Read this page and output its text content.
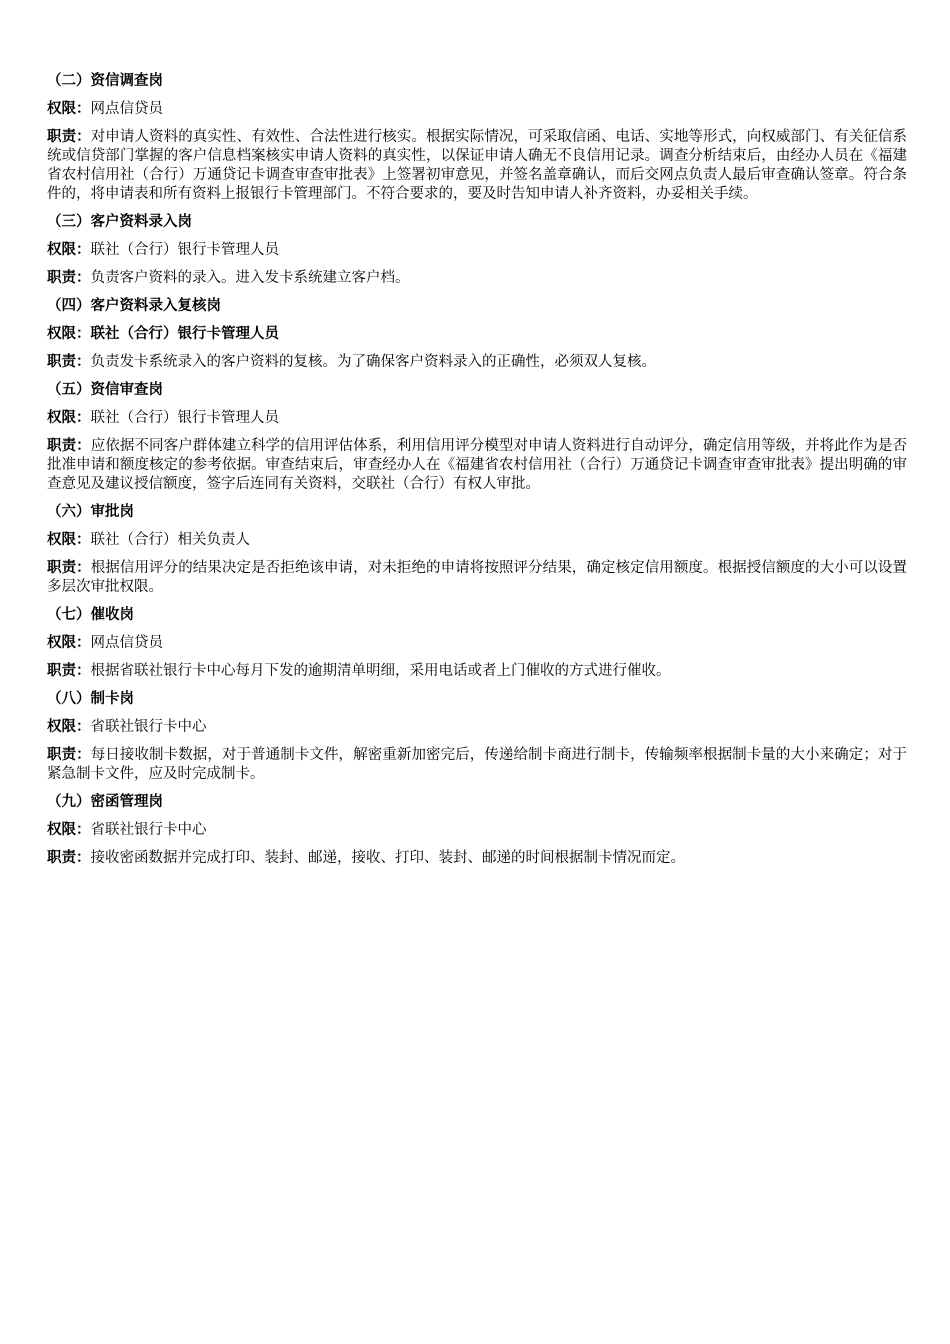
（二）资信调查岗
权限：网点信贷员
职责：对申请人资料的真实性、有效性、合法性进行核实。根据实际情况，可采取信函、电话、实地等形式，向权威部门、有关征信系统或信贷部门掌握的客户信息档案核实申请人资料的真实性，以保证申请人确无不良信用记录。调查分析结束后，由经办人员在《福建省农村信用社（合行）万通贷记卡调查审查审批表》上签署初审意见，并签名盖章确认，而后交网点负责人最后审查确认签章。符合条件的，将申请表和所有资料上报银行卡管理部门。不符合要求的，要及时告知申请人补齐资料，办妥相关手续。
（三）客户资料录入岗
权限：联社（合行）银行卡管理人员
职责：负责客户资料的录入。进入发卡系统建立客户档。
（四）客户资料录入复核岗
权限：联社（合行）银行卡管理人员
职责：负责发卡系统录入的客户资料的复核。为了确保客户资料录入的正确性，必须双人复核。
（五）资信审查岗
权限：联社（合行）银行卡管理人员
职责：应依据不同客户群体建立科学的信用评估体系，利用信用评分模型对申请人资料进行自动评分，确定信用等级，并将此作为是否批准申请和额度核定的参考依据。审查结束后，审查经办人在《福建省农村信用社（合行）万通贷记卡调查审查审批表》提出明确的审查意见及建议授信额度，签字后连同有关资料，交联社（合行）有权人审批。
（六）审批岗
权限：联社（合行）相关负责人
职责：根据信用评分的结果决定是否拒绝该申请，对未拒绝的申请将按照评分结果，确定核定信用额度。根据授信额度的大小可以设置多层次审批权限。
（七）催收岗
权限：网点信贷员
职责：根据省联社银行卡中心每月下发的逾期清单明细，采用电话或者上门催收的方式进行催收。
（八）制卡岗
权限：省联社银行卡中心
职责：每日接收制卡数据，对于普通制卡文件，解密重新加密完后，传递给制卡商进行制卡，传输频率根据制卡量的大小来确定；对于紧急制卡文件，应及时完成制卡。
（九）密函管理岗
权限：省联社银行卡中心
职责：接收密函数据并完成打印、装封、邮递，接收、打印、装封、邮递的时间根据制卡情况而定。
